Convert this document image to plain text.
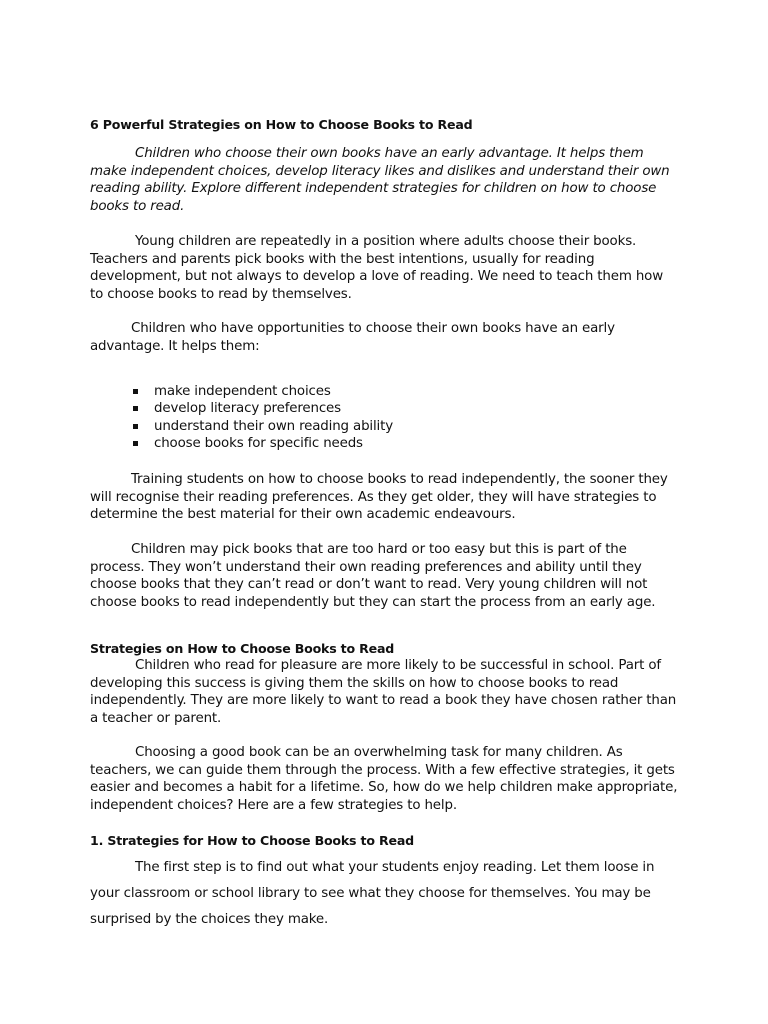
6 Powerful Strategies on How to Choose Books to Read

Children who choose their own books have an early advantage. It helps them make independent choices, develop literacy likes and dislikes and understand their own reading ability. Explore different independent strategies for children on how to choose books to read.

Young children are repeatedly in a position where adults choose their books. Teachers and parents pick books with the best intentions, usually for reading development, but not always to develop a love of reading. We need to teach them how to choose books to read by themselves.

Children who have opportunities to choose their own books have an early advantage. It helps them:

make independent choices
develop literacy preferences
understand their own reading ability
choose books for specific needs

Training students on how to choose books to read independently, the sooner they will recognise their reading preferences. As they get older, they will have strategies to determine the best material for their own academic endeavours.

Children may pick books that are too hard or too easy but this is part of the process. They won’t understand their own reading preferences and ability until they choose books that they can’t read or don’t want to read. Very young children will not choose books to read independently but they can start the process from an early age.

Strategies on How to Choose Books to Read

Children who read for pleasure are more likely to be successful in school. Part of developing this success is giving them the skills on how to choose books to read independently. They are more likely to want to read a book they have chosen rather than a teacher or parent.

Choosing a good book can be an overwhelming task for many children. As teachers, we can guide them through the process. With a few effective strategies, it gets easier and becomes a habit for a lifetime. So, how do we help children make appropriate, independent choices? Here are a few strategies to help.

1. Strategies for How to Choose Books to Read

The first step is to find out what your students enjoy reading. Let them loose in your classroom or school library to see what they choose for themselves. You may be surprised by the choices they make.
